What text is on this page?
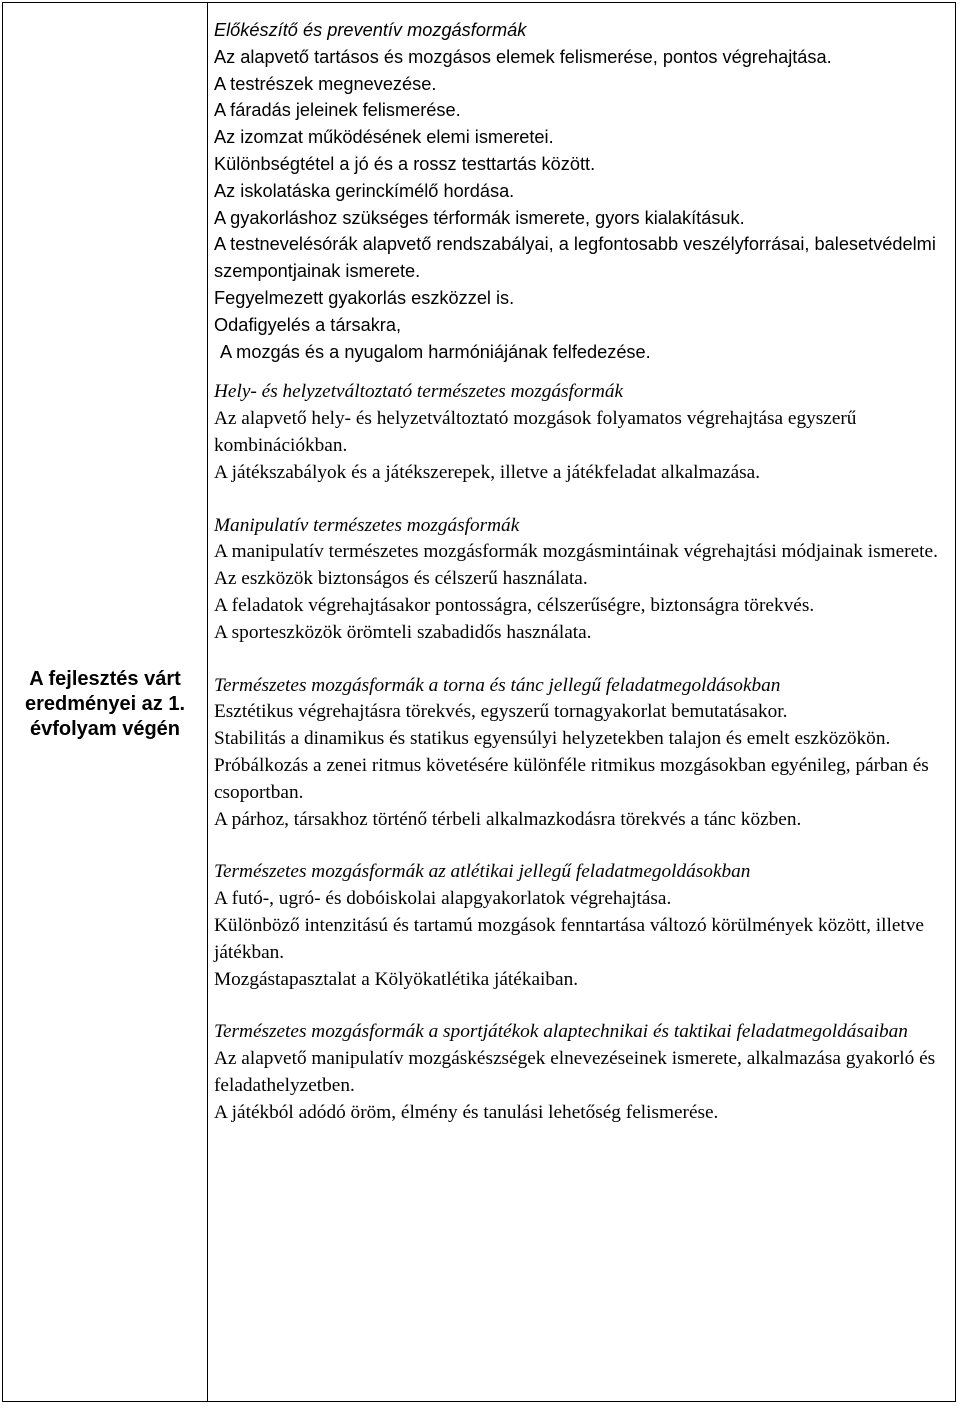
A fejlesztés várt
eredményei az 1.
évfolyam végén
Előkészítő és preventív mozgásformák
Az alapvető tartásos és mozgásos elemek felismerése, pontos végrehajtása.
A testrészek megnevezése.
A fáradás jeleinek felismerése.
Az izomzat működésének elemi ismeretei.
Különbségtétel a jó és a rossz testtartás között.
Az iskolatáska gerinckímélő hordása.
A gyakorláshoz szükséges térformák ismerete, gyors kialakításuk.
A testnevelésórák alapvető rendszabályai, a legfontosabb veszélyforrásai, balesetvédelmi szempontjainak ismerete.
Fegyelmezett gyakorlás eszközzel is.
Odafigyelés a társakra,
A mozgás és a nyugalom harmóniájának felfedezése.
Hely- és helyzetváltoztató természetes mozgásformák
Az alapvető hely- és helyzetváltoztató mozgások folyamatos végrehajtása egyszerű kombinációkban.
A játékszabályok és a játékszerepek, illetve a játékfeladat alkalmazása.
Manipulatív természetes mozgásformák
A manipulatív természetes mozgásformák mozgásmintáinak végrehajtási módjainak ismerete.
Az eszközök biztonságos és célszerű használata.
A feladatok végrehajtásakor pontosságra, célszerűségre, biztonságra törekvés.
A sporteszközök örömteli szabadidős használata.
Természetes mozgásformák a torna és tánc jellegű feladatmegoldásokban
Esztétikus végrehajtásra törekvés, egyszerű tornagyakorlat bemutatásakor.
Stabilitás a dinamikus és statikus egyensúlyi helyzetekben talajon és emelt eszközökön.
Próbálkozás a zenei ritmus követésére különféle ritmikus mozgásokban egyénileg, párban és csoportban.
A párhoz, társakhoz történő térbeli alkalmazkodásra törekvés a tánc közben.
Természetes mozgásformák az atlétikai jellegű feladatmegoldásokban
A futó-, ugró- és dobóiskolai alapgyakorlatok végrehajtása.
Különböző intenzitású és tartamú mozgások fenntartása változó körülmények között, illetve játékban.
Mozgástapasztalat a Kölyökatlétika játékaiban.
Természetes mozgásformák a sportjátékok alaptechnikai és taktikai feladatmegoldásaiban
Az alapvető manipulatív mozgáskészségek elnevezéseinek ismerete, alkalmazása gyakorló és feladathelyzetben.
A játékból adódó öröm, élmény és tanulási lehetőség felismerése.
